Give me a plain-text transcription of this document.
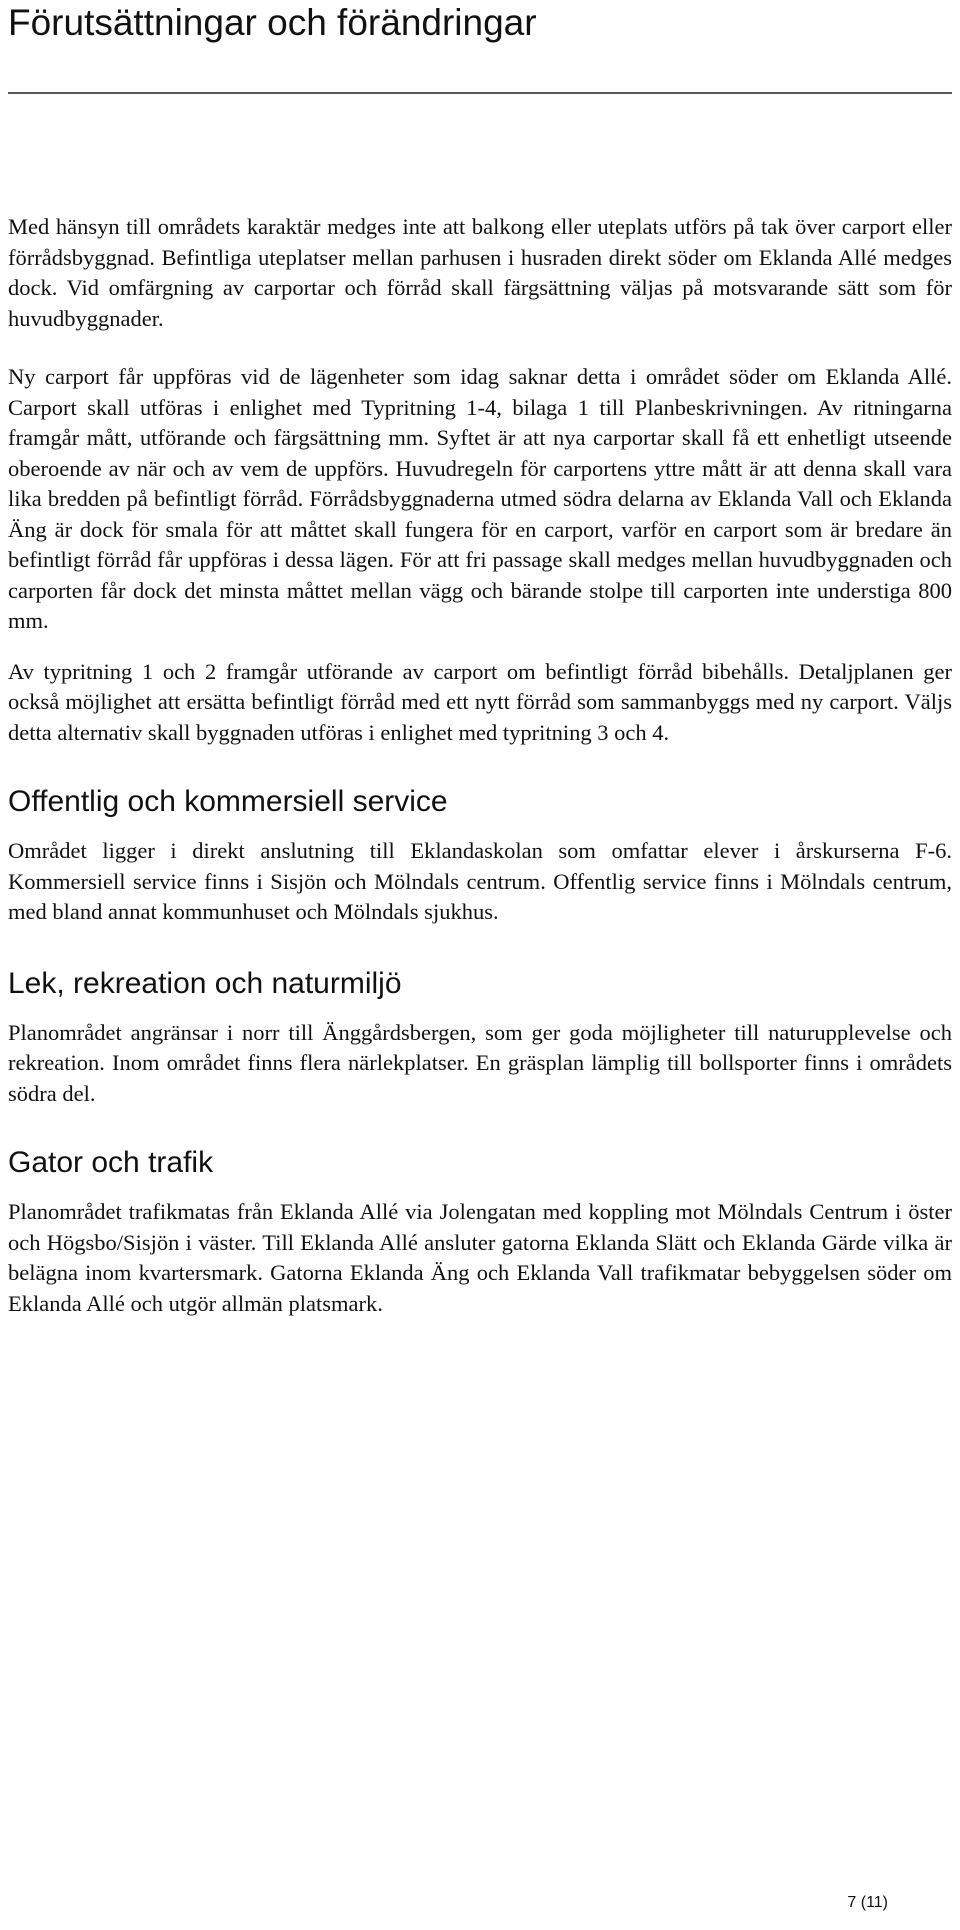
Förutsättningar och förändringar

Med hänsyn till områdets karaktär medges inte att balkong eller uteplats utförs på tak över carport eller förrådsbyggnad. Befintliga uteplatser mellan parhusen i husraden direkt söder om Eklanda Allé medges dock. Vid omfärgning av carportar och förråd skall färgsättning väljas på motsvarande sätt som för huvudbyggnader.

Ny carport får uppföras vid de lägenheter som idag saknar detta i området söder om Eklanda Allé. Carport skall utföras i enlighet med Typritning 1-4, bilaga 1 till Planbeskrivningen. Av ritningarna framgår mått, utförande och färgsättning mm. Syftet är att nya carportar skall få ett enhetligt utseende oberoende av när och av vem de uppförs. Huvudregeln för carportens yttre mått är att denna skall vara lika bredden på befintligt förråd. Förrådsbyggnaderna utmed södra delarna av Eklanda Vall och Eklanda Äng är dock för smala för att måttet skall fungera för en carport, varför en carport som är bredare än befintligt förråd får uppföras i dessa lägen. För att fri passage skall medges mellan huvudbyggnaden och carporten får dock det minsta måttet mellan vägg och bärande stolpe till carporten inte understiga 800 mm.

Av typritning 1 och 2 framgår utförande av carport om befintligt förråd bibehålls. Detaljplanen ger också möjlighet att ersätta befintligt förråd med ett nytt förråd som sammanbyggs med ny carport. Väljs detta alternativ skall byggnaden utföras i enlighet med typritning 3 och 4.

Offentlig och kommersiell service

Området ligger i direkt anslutning till Eklandaskolan som omfattar elever i årskurserna F-6. Kommersiell service finns i Sisjön och Mölndals centrum. Offentlig service finns i Mölndals centrum, med bland annat kommunhuset och Mölndals sjukhus.

Lek, rekreation och naturmiljö

Planområdet angränsar i norr till Änggårdsbergen, som ger goda möjligheter till naturupplevelse och rekreation. Inom området finns flera närlekplatser. En gräsplan lämplig till bollsporter finns i områdets södra del.

Gator och trafik

Planområdet trafikmatas från Eklanda Allé via Jolengatan med koppling mot Mölndals Centrum i öster och Högsbo/Sisjön i väster. Till Eklanda Allé ansluter gatorna Eklanda Slätt och Eklanda Gärde vilka är belägna inom kvartersmark. Gatorna Eklanda Äng och Eklanda Vall trafikmatar bebyggelsen söder om Eklanda Allé och utgör allmän platsmark.

7 (11)
